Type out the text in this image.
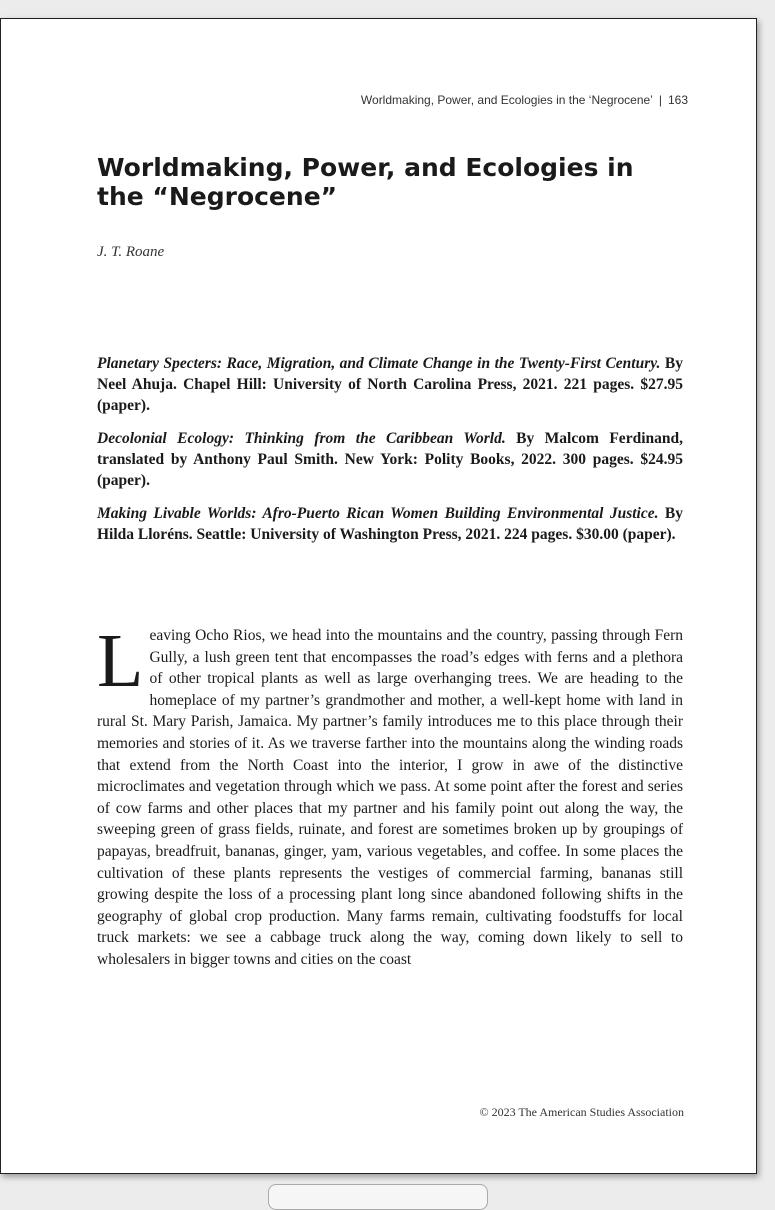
Worldmaking, Power, and Ecologies in the ‘Negrocene’ | 163
Worldmaking, Power, and Ecologies in the “Negrocene”
J. T. Roane

Planetary Specters: Race, Migration, and Climate Change in the Twenty-First Century. By Neel Ahuja. Chapel Hill: University of North Carolina Press, 2021. 221 pages. $27.95 (paper).

Decolonial Ecology: Thinking from the Caribbean World. By Malcom Ferdinand, translated by Anthony Paul Smith. New York: Polity Books, 2022. 300 pages. $24.95 (paper).

Making Livable Worlds: Afro-Puerto Rican Women Building Environmental Justice. By Hilda Lloréns. Seattle: University of Washington Press, 2021. 224 pages. $30.00 (paper).

Leaving Ocho Rios, we head into the mountains and the country, passing through Fern Gully, a lush green tent that encompasses the road’s edges with ferns and a plethora of other tropical plants as well as large overhanging trees. We are heading to the homeplace of my partner’s grandmother and mother, a well-kept home with land in rural St. Mary Parish, Jamaica. My partner’s family introduces me to this place through their memories and stories of it. As we traverse farther into the mountains along the winding roads that extend from the North Coast into the interior, I grow in awe of the distinctive microclimates and vegetation through which we pass. At some point after the forest and series of cow farms and other places that my partner and his family point out along the way, the sweeping green of grass fields, ruinate, and forest are sometimes broken up by groupings of papayas, breadfruit, bananas, ginger, yam, various vegetables, and coffee. In some places the cultivation of these plants represents the vestiges of commercial farming, bananas still growing despite the loss of a processing plant long since abandoned following shifts in the geography of global crop production. Many farms remain, cultivating foodstuffs for local truck markets: we see a cabbage truck along the way, coming down likely to sell to wholesalers in bigger towns and cities on the coast

© 2023 The American Studies Association
